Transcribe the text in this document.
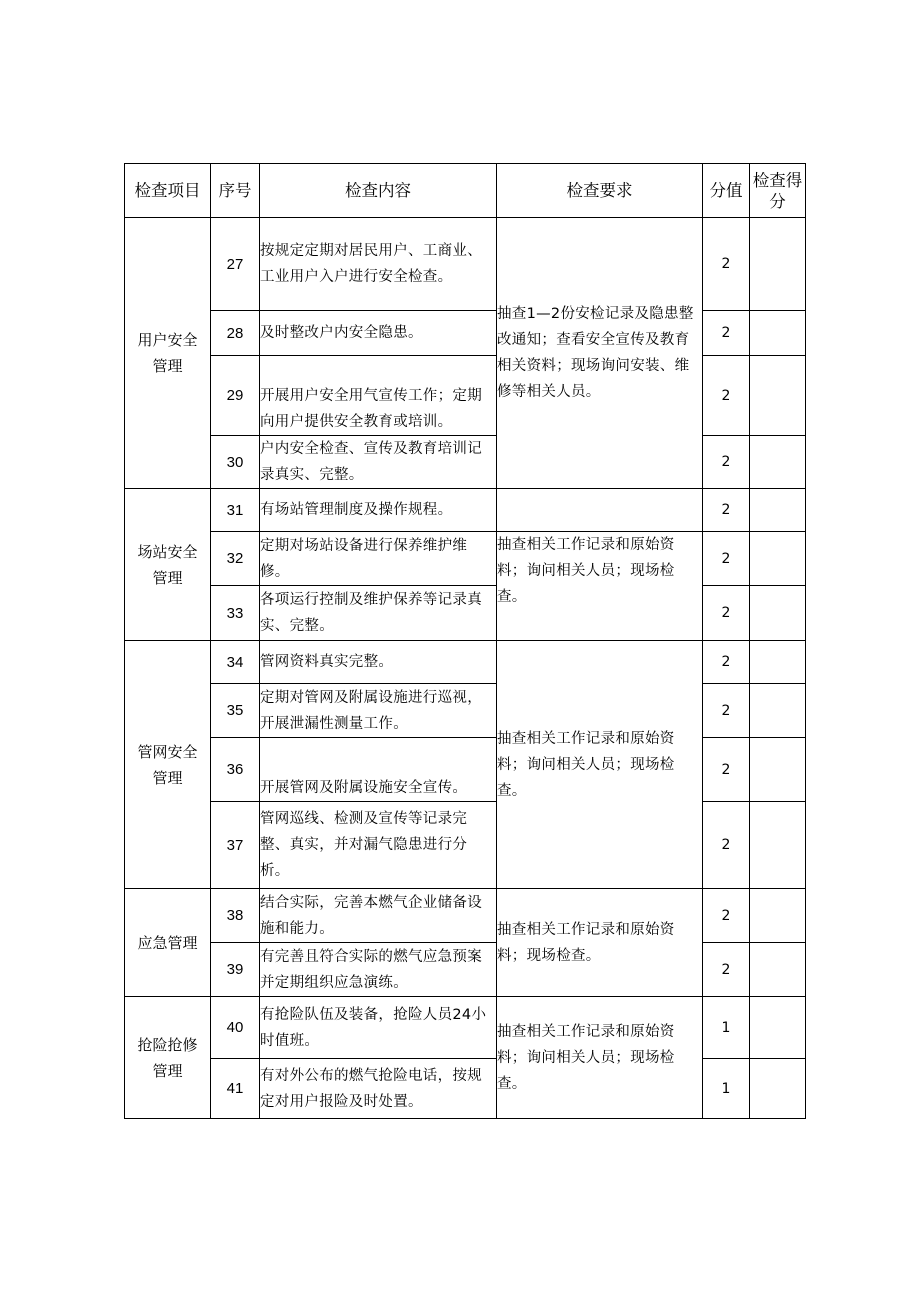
检查项目	序号	检查内容	检查要求	分值	检查得
分

用户安全
管理	27	按规定定期对居民用户、工商业、工业用户入户进行安全检查。	抽查1—2份安检记录及隐患整改通知；查看安全宣传及教育相关资料；现场询问安装、维修等相关人员。	2	
	28	及时整改户内安全隐患。		2	
	29	开展用户安全用气宣传工作；定期向用户提供安全教育或培训。		2	
	30	户内安全检查、宣传及教育培训记录真实、完整。		2	

场站安全
管理	31	有场站管理制度及操作规程。		2	
	32	定期对场站设备进行保养维护维修。	抽查相关工作记录和原始资料；询问相关人员；现场检查。	2	
	33	各项运行控制及维护保养等记录真实、完整。		2	

管网安全
管理	34	管网资料真实完整。	抽查相关工作记录和原始资料；询问相关人员；现场检查。	2	
	35	定期对管网及附属设施进行巡视，开展泄漏性测量工作。		2	
	36	开展管网及附属设施安全宣传。		2	
	37	管网巡线、检测及宣传等记录完整、真实，并对漏气隐患进行分析。		2	
应急管理	38	结合实际，完善本燃气企业储备设施和能力。	抽查相关工作记录和原始资料；现场检查。	2	
	39	有完善且符合实际的燃气应急预案并定期组织应急演练。		2	

抢险抢修
管理	40	有抢险队伍及装备，抢险人员24小时值班。	抽查相关工作记录和原始资料；询问相关人员；现场检查。	1	
	41	有对外公布的燃气抢险电话，按规定对用户报险及时处置。		1	
